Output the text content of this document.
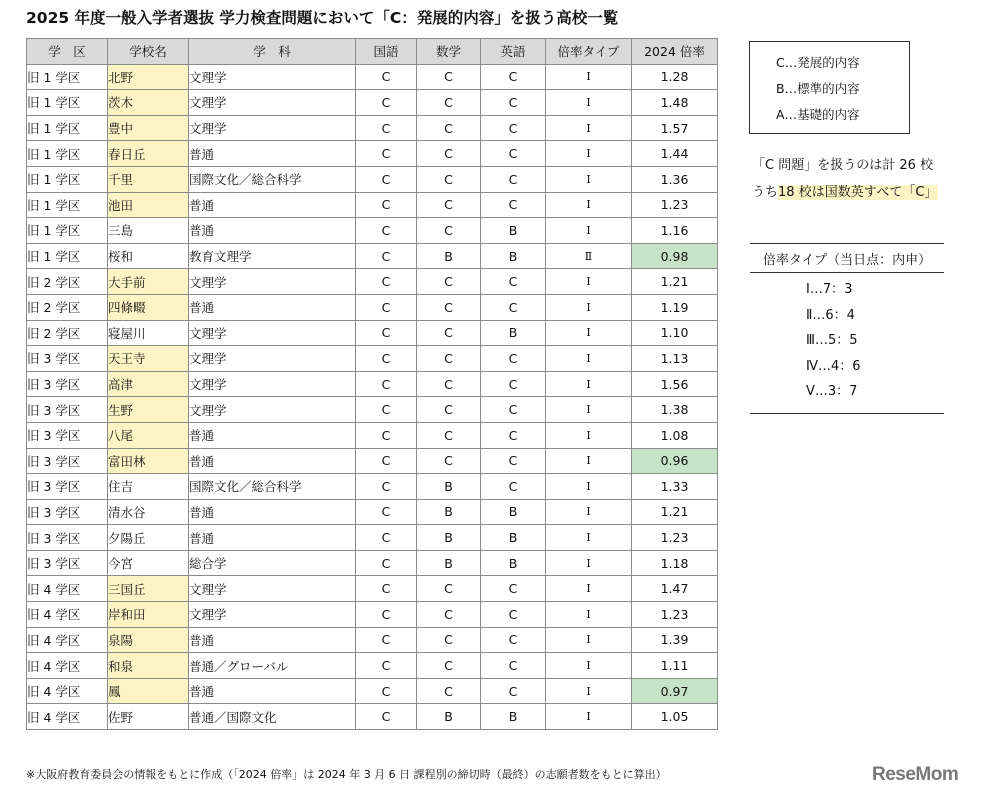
2025 年度一般入学者選抜 学力検査問題において「C：発展的内容」を扱う高校一覧
学　区	学校名	学　科	国語	数学	英語	倍率タイプ	2024 倍率
旧 1 学区	北野	文理学	C	C	C	Ⅰ	1.28
旧 1 学区	茨木	文理学	C	C	C	Ⅰ	1.48
旧 1 学区	豊中	文理学	C	C	C	Ⅰ	1.57
旧 1 学区	春日丘	普通	C	C	C	Ⅰ	1.44
旧 1 学区	千里	国際文化／総合科学	C	C	C	Ⅰ	1.36
旧 1 学区	池田	普通	C	C	C	Ⅰ	1.23
旧 1 学区	三島	普通	C	C	B	Ⅰ	1.16
旧 1 学区	桜和	教育文理学	C	B	B	Ⅱ	0.98
旧 2 学区	大手前	文理学	C	C	C	Ⅰ	1.21
旧 2 学区	四條畷	普通	C	C	C	Ⅰ	1.19
旧 2 学区	寝屋川	文理学	C	C	B	Ⅰ	1.10
旧 3 学区	天王寺	文理学	C	C	C	Ⅰ	1.13
旧 3 学区	高津	文理学	C	C	C	Ⅰ	1.56
旧 3 学区	生野	文理学	C	C	C	Ⅰ	1.38
旧 3 学区	八尾	普通	C	C	C	Ⅰ	1.08
旧 3 学区	富田林	普通	C	C	C	Ⅰ	0.96
旧 3 学区	住吉	国際文化／総合科学	C	B	C	Ⅰ	1.33
旧 3 学区	清水谷	普通	C	B	B	Ⅰ	1.21
旧 3 学区	夕陽丘	普通	C	B	B	Ⅰ	1.23
旧 3 学区	今宮	総合学	C	B	B	Ⅰ	1.18
旧 4 学区	三国丘	文理学	C	C	C	Ⅰ	1.47
旧 4 学区	岸和田	文理学	C	C	C	Ⅰ	1.23
旧 4 学区	泉陽	普通	C	C	C	Ⅰ	1.39
旧 4 学区	和泉	普通／グローバル	C	C	C	Ⅰ	1.11
旧 4 学区	鳳	普通	C	C	C	Ⅰ	0.97
旧 4 学区	佐野	普通／国際文化	C	B	B	Ⅰ	1.05
C…発展的内容
B…標準的内容
A…基礎的内容
「C 問題」を扱うのは計 26 校
うち18 校は国数英すべて「C」
倍率タイプ（当日点：内申）
Ⅰ…7：3
Ⅱ…6：4
Ⅲ…5：5
Ⅳ…4：6
Ⅴ…3：7
※大阪府教育委員会の情報をもとに作成（「2024 倍率」は 2024 年 3 月 6 日 課程別の締切時（最終）の志願者数をもとに算出）	ReseMom
